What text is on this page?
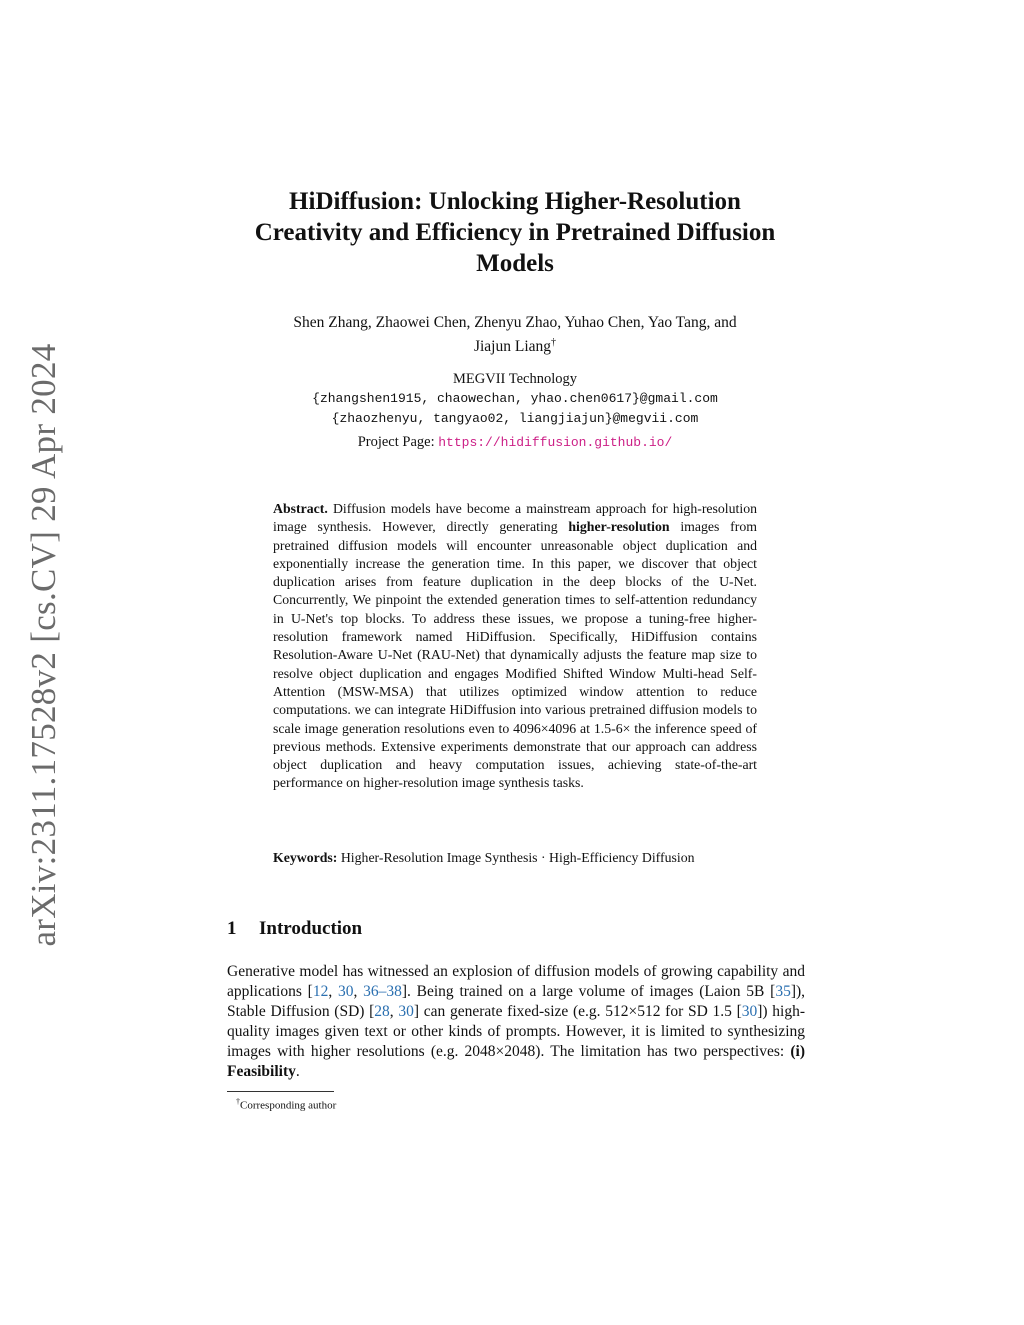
arXiv:2311.17528v2 [cs.CV] 29 Apr 2024
HiDiffusion: Unlocking Higher-Resolution
Creativity and Efficiency in Pretrained Diffusion
Models
Shen Zhang, Zhaowei Chen, Zhenyu Zhao, Yuhao Chen, Yao Tang, and
Jiajun Liang†
MEGVII Technology
{zhangshen1915, chaowechan, yhao.chen0617}@gmail.com
{zhaozhenyu, tangyao02, liangjiajun}@megvii.com
Project Page: https://hidiffusion.github.io/
Abstract. Diffusion models have become a mainstream approach for high-resolution image synthesis. However, directly generating higher-resolution images from pretrained diffusion models will encounter unreasonable object duplication and exponentially increase the generation time. In this paper, we discover that object duplication arises from feature duplication in the deep blocks of the U-Net. Concurrently, We pinpoint the extended generation times to self-attention redundancy in U-Net's top blocks. To address these issues, we propose a tuning-free higher-resolution framework named HiDiffusion. Specifically, HiDiffusion contains Resolution-Aware U-Net (RAU-Net) that dynamically adjusts the feature map size to resolve object duplication and engages Modified Shifted Window Multi-head Self-Attention (MSW-MSA) that utilizes optimized window attention to reduce computations. we can integrate HiDiffusion into various pretrained diffusion models to scale image generation resolutions even to 4096×4096 at 1.5-6× the inference speed of previous methods. Extensive experiments demonstrate that our approach can address object duplication and heavy computation issues, achieving state-of-the-art performance on higher-resolution image synthesis tasks.
Keywords: Higher-Resolution Image Synthesis · High-Efficiency Diffusion
1 Introduction
Generative model has witnessed an explosion of diffusion models of growing capability and applications [12, 30, 36–38]. Being trained on a large volume of images (Laion 5B [35]), Stable Diffusion (SD) [28, 30] can generate fixed-size (e.g. 512×512 for SD 1.5 [30]) high-quality images given text or other kinds of prompts. However, it is limited to synthesizing images with higher resolutions (e.g. 2048×2048). The limitation has two perspectives: (i) Feasibility.
†Corresponding author
